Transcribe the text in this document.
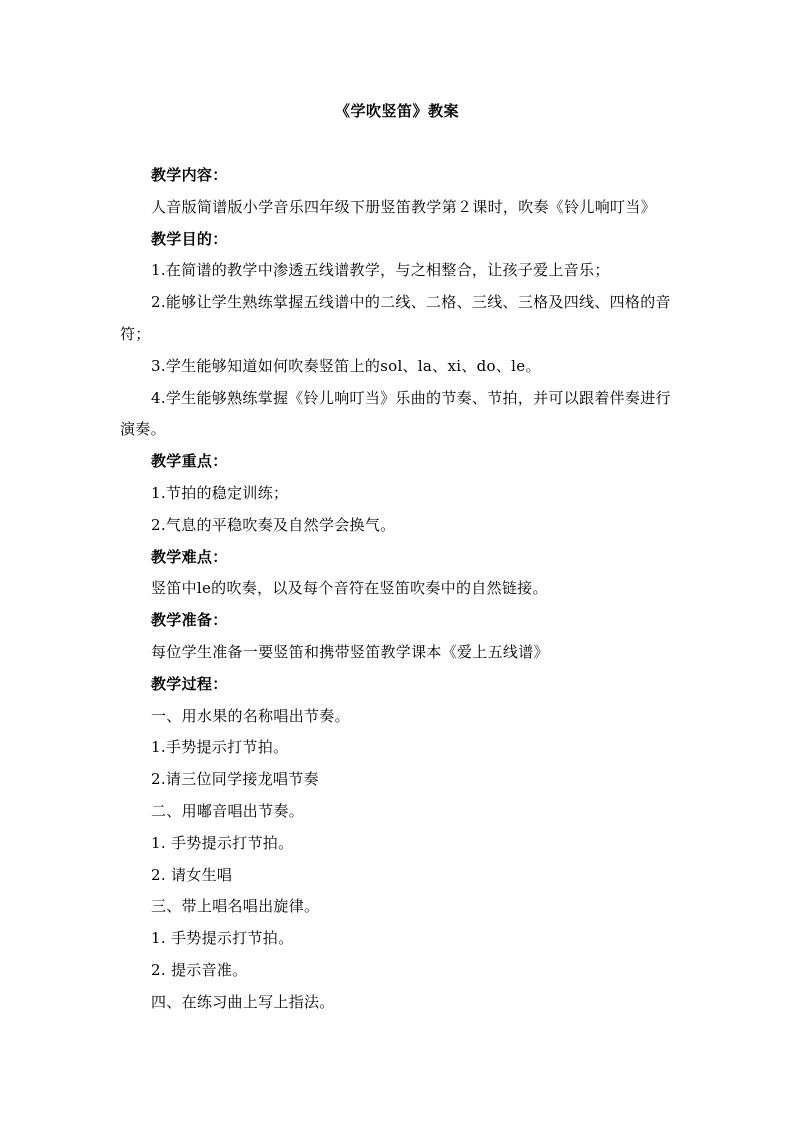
《学吹竖笛》教案
教学内容：
人音版简谱版小学音乐四年级下册竖笛教学第２课时，吹奏《铃儿响叮当》
教学目的：
1.在简谱的教学中渗透五线谱教学，与之相整合，让孩子爱上音乐；
2.能够让学生熟练掌握五线谱中的二线、二格、三线、三格及四线、四格的音符；
3.学生能够知道如何吹奏竖笛上的sol、la、xi、do、le。
4.学生能够熟练掌握《铃儿响叮当》乐曲的节奏、节拍，并可以跟着伴奏进行演奏。
教学重点：
1.节拍的稳定训练；
2.气息的平稳吹奏及自然学会换气。
教学难点：
竖笛中le的吹奏，以及每个音符在竖笛吹奏中的自然链接。
教学准备：
每位学生准备一要竖笛和携带竖笛教学课本《爱上五线谱》
教学过程：
一、用水果的名称唱出节奏。
1.手势提示打节拍。
2.请三位同学接龙唱节奏
二、用嘟音唱出节奏。
1. 手势提示打节拍。
2. 请女生唱
三、带上唱名唱出旋律。
1. 手势提示打节拍。
2. 提示音准。
四、在练习曲上写上指法。
